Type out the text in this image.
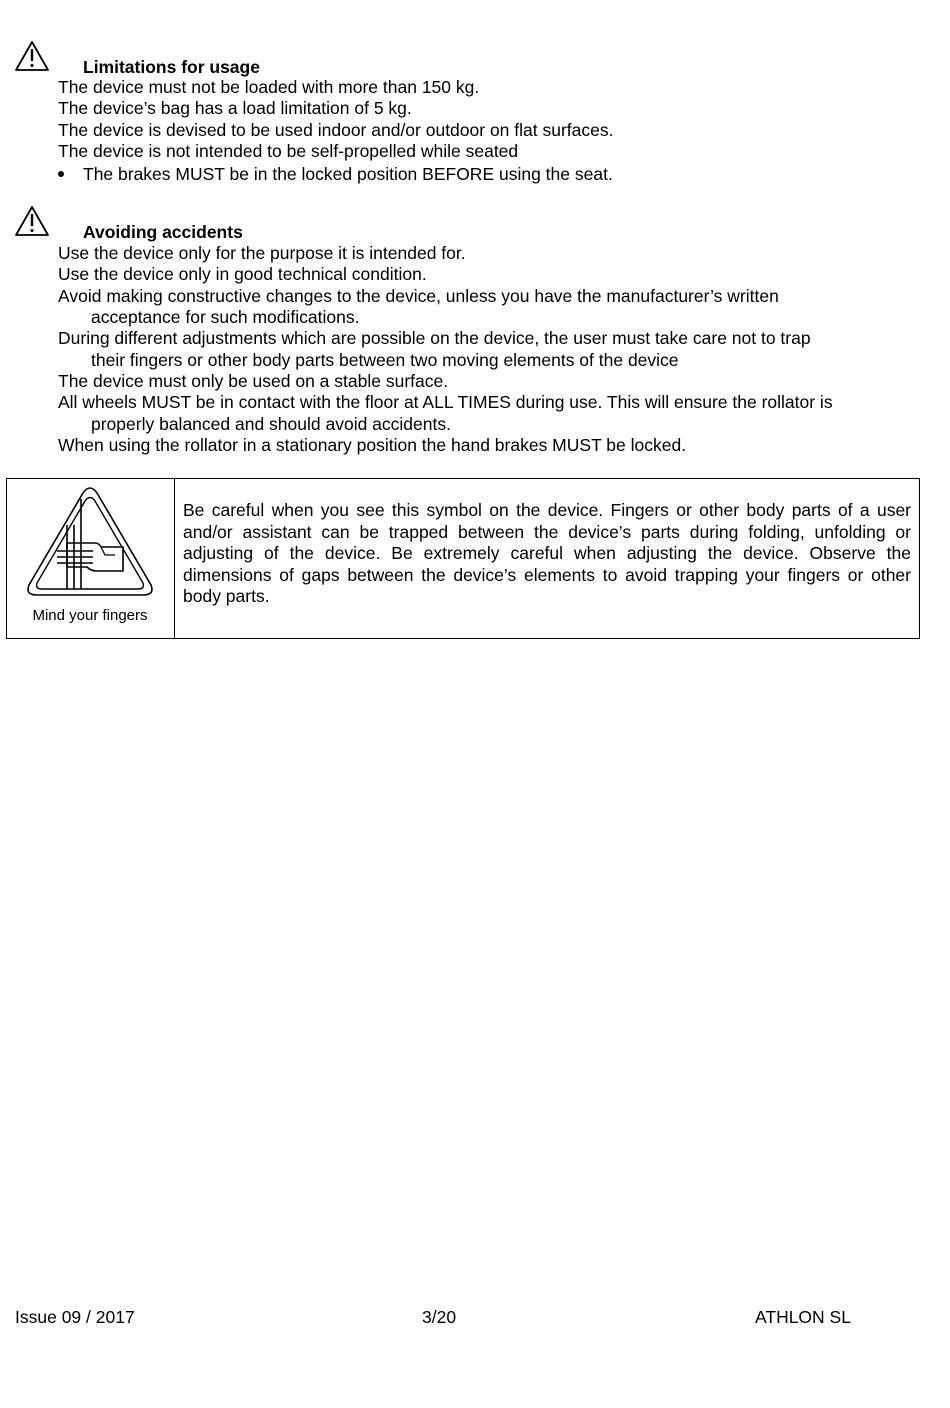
Limitations for usage
The device must not be loaded with more than 150 kg.
The device’s bag has a load limitation of 5 kg.
The device is devised to be used indoor and/or outdoor on flat surfaces.
The device is not intended to be self-propelled while seated
The brakes MUST be in the locked position BEFORE using the seat.
Avoiding accidents
Use the device only for the purpose it is intended for.
Use the device only in good technical condition.
Avoid making constructive changes to the device, unless you have the manufacturer’s written
acceptance for such modifications.
During different adjustments which are possible on the device, the user must take care not to trap
their fingers or other body parts between two moving elements of the device
The device must only be used on a stable surface.
All wheels MUST be in contact with the floor at ALL TIMES during use. This will ensure the rollator is
properly balanced and should avoid accidents.
When using the rollator in a stationary position the hand brakes MUST be locked.
Mind your fingers
Be careful when you see this symbol on the device. Fingers or other body parts of a user and/or assistant can be trapped between the device’s parts during folding, unfolding or adjusting of the device. Be extremely careful when adjusting the device. Observe the dimensions of gaps between the device’s elements to avoid trapping your fingers or other body parts.
Issue 09 / 2017	3/20	ATHLON SL
